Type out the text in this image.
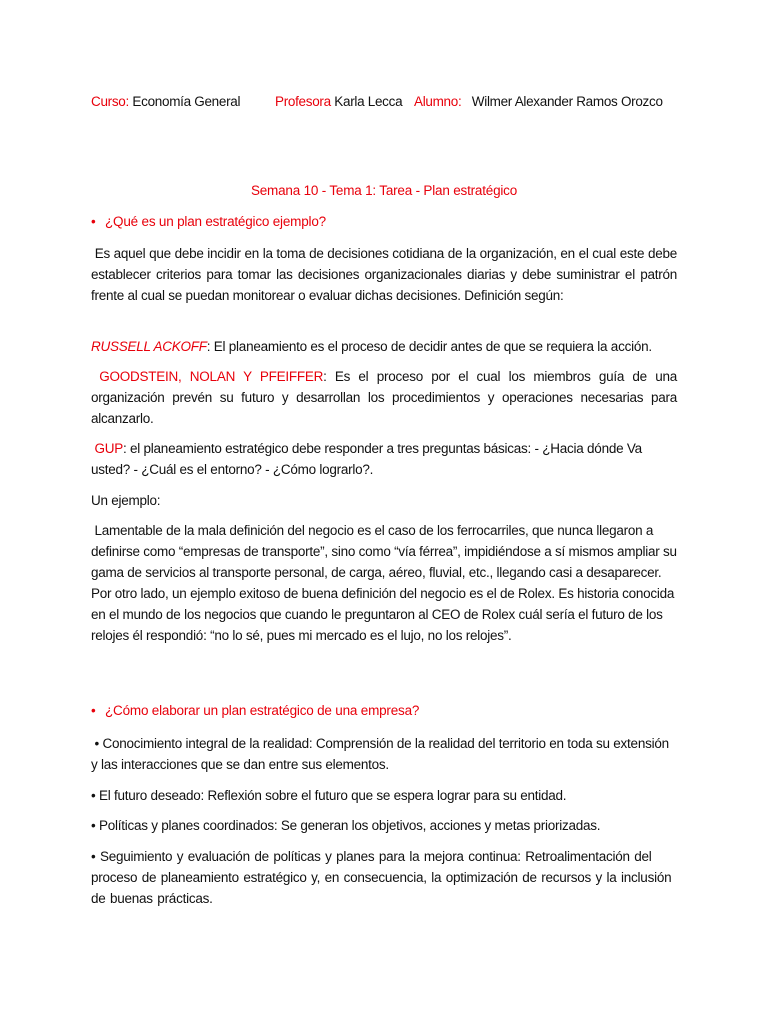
Curso: Economía General	Profesora Karla Lecca Alumno: Wilmer Alexander Ramos Orozco
Semana 10 - Tema 1: Tarea - Plan estratégico
• ¿Qué es un plan estratégico ejemplo?
Es aquel que debe incidir en la toma de decisiones cotidiana de la organización, en el cual este debe establecer criterios para tomar las decisiones organizacionales diarias y debe suministrar el patrón frente al cual se puedan monitorear o evaluar dichas decisiones. Definición según:
RUSSELL ACKOFF: El planeamiento es el proceso de decidir antes de que se requiera la acción.
GOODSTEIN, NOLAN Y PFEIFFER: Es el proceso por el cual los miembros guía de una organización prevén su futuro y desarrollan los procedimientos y operaciones necesarias para alcanzarlo.
GUP: el planeamiento estratégico debe responder a tres preguntas básicas: - ¿Hacia dónde Va usted? - ¿Cuál es el entorno? - ¿Cómo lograrlo?.
Un ejemplo:
Lamentable de la mala definición del negocio es el caso de los ferrocarriles, que nunca llegaron a definirse como “empresas de transporte”, sino como “vía férrea”, impidiéndose a sí mismos ampliar su gama de servicios al transporte personal, de carga, aéreo, fluvial, etc., llegando casi a desaparecer. Por otro lado, un ejemplo exitoso de buena definición del negocio es el de Rolex. Es historia conocida en el mundo de los negocios que cuando le preguntaron al CEO de Rolex cuál sería el futuro de los relojes él respondió: “no lo sé, pues mi mercado es el lujo, no los relojes”.
• ¿Cómo elaborar un plan estratégico de una empresa?
• Conocimiento integral de la realidad: Comprensión de la realidad del territorio en toda su extensión y las interacciones que se dan entre sus elementos.
• El futuro deseado: Reflexión sobre el futuro que se espera lograr para su entidad.
• Políticas y planes coordinados: Se generan los objetivos, acciones y metas priorizadas.
• Seguimiento y evaluación de políticas y planes para la mejora continua: Retroalimentación del proceso de planeamiento estratégico y, en consecuencia, la optimización de recursos y la inclusión de buenas prácticas.
